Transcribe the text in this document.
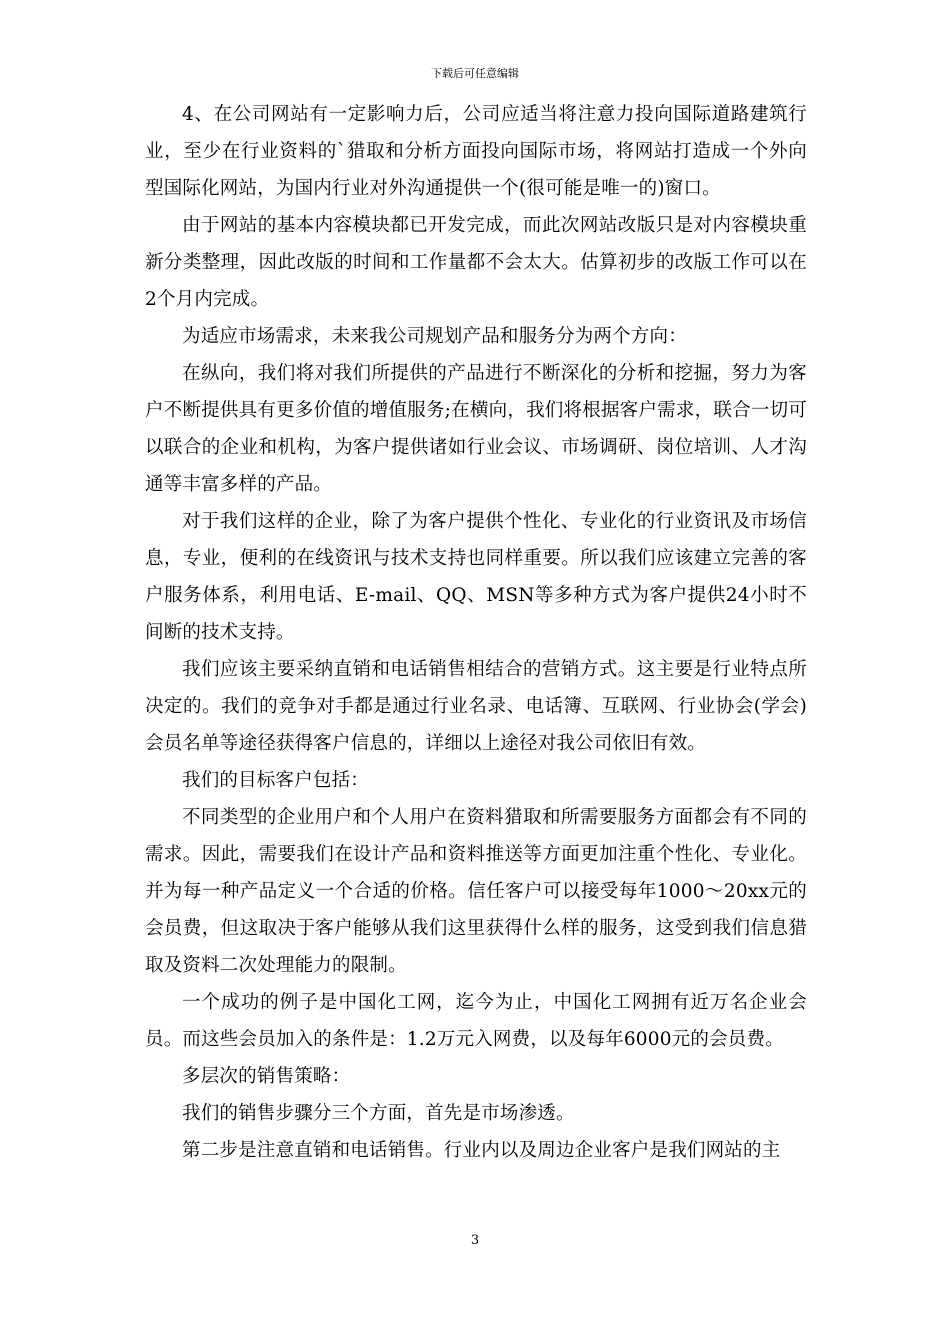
下载后可任意编辑

4、在公司网站有一定影响力后，公司应适当将注意力投向国际道路建筑行业，至少在行业资料的`猎取和分析方面投向国际市场，将网站打造成一个外向型国际化网站，为国内行业对外沟通提供一个(很可能是唯一的)窗口。

由于网站的基本内容模块都已开发完成，而此次网站改版只是对内容模块重新分类整理，因此改版的时间和工作量都不会太大。估算初步的改版工作可以在2个月内完成。

为适应市场需求，未来我公司规划产品和服务分为两个方向：

在纵向，我们将对我们所提供的产品进行不断深化的分析和挖掘，努力为客户不断提供具有更多价值的增值服务;在横向，我们将根据客户需求，联合一切可以联合的企业和机构，为客户提供诸如行业会议、市场调研、岗位培训、人才沟通等丰富多样的产品。

对于我们这样的企业，除了为客户提供个性化、专业化的行业资讯及市场信息，专业，便利的在线资讯与技术支持也同样重要。所以我们应该建立完善的客户服务体系，利用电话、E-mail、QQ、MSN等多种方式为客户提供24小时不间断的技术支持。

我们应该主要采纳直销和电话销售相结合的营销方式。这主要是行业特点所决定的。我们的竞争对手都是通过行业名录、电话簿、互联网、行业协会(学会)会员名单等途径获得客户信息的，详细以上途径对我公司依旧有效。

我们的目标客户包括：

不同类型的企业用户和个人用户在资料猎取和所需要服务方面都会有不同的需求。因此，需要我们在设计产品和资料推送等方面更加注重个性化、专业化。并为每一种产品定义一个合适的价格。信任客户可以接受每年1000～20xx元的会员费，但这取决于客户能够从我们这里获得什么样的服务，这受到我们信息猎取及资料二次处理能力的限制。

一个成功的例子是中国化工网，迄今为止，中国化工网拥有近万名企业会员。而这些会员加入的条件是：1.2万元入网费，以及每年6000元的会员费。

多层次的销售策略：

我们的销售步骤分三个方面，首先是市场渗透。

第二步是注意直销和电话销售。行业内以及周边企业客户是我们网站的主

3
